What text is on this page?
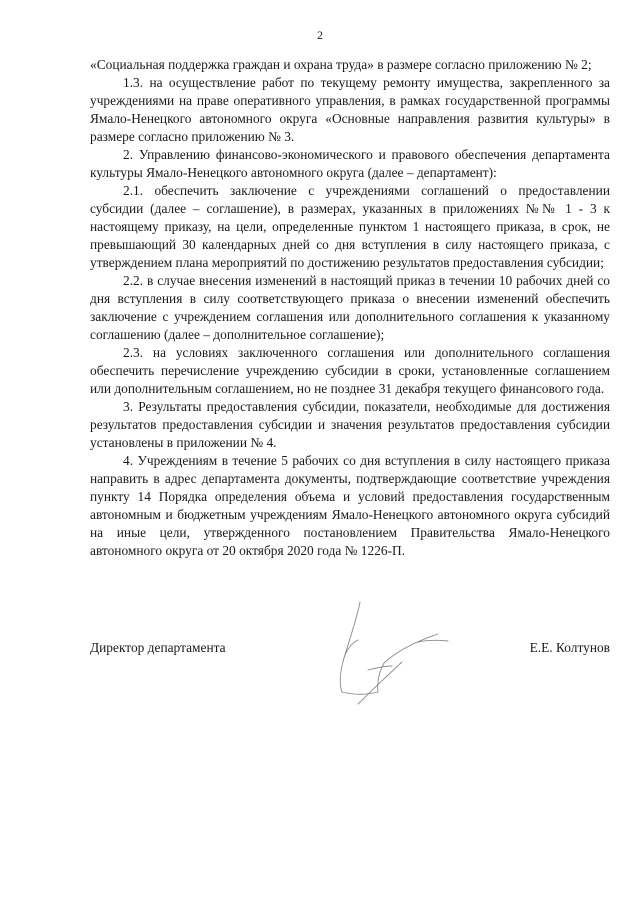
2

«Социальная поддержка граждан и охрана труда» в размере согласно приложению № 2;

1.3. на осуществление работ по текущему ремонту имущества, закрепленного за учреждениями на праве оперативного управления, в рамках государственной программы Ямало-Ненецкого автономного округа «Основные направления развития культуры» в размере согласно приложению № 3.

2. Управлению финансово-экономического и правового обеспечения департамента культуры Ямало-Ненецкого автономного округа (далее – департамент):

2.1. обеспечить заключение с учреждениями соглашений о предоставлении субсидии (далее – соглашение), в размерах, указанных в приложениях №№ 1 - 3 к настоящему приказу, на цели, определенные пунктом 1 настоящего приказа, в срок, не превышающий 30 календарных дней со дня вступления в силу настоящего приказа, с утверждением плана мероприятий по достижению результатов предоставления субсидии;

2.2. в случае внесения изменений в настоящий приказ в течении 10 рабочих дней со дня вступления в силу соответствующего приказа о внесении изменений обеспечить заключение с учреждением соглашения или дополнительного соглашения к указанному соглашению (далее – дополнительное соглашение);

2.3. на условиях заключенного соглашения или дополнительного соглашения обеспечить перечисление учреждению субсидии в сроки, установленные соглашением или дополнительным соглашением, но не позднее 31 декабря текущего финансового года.

3. Результаты предоставления субсидии, показатели, необходимые для достижения результатов предоставления субсидии и значения результатов предоставления субсидии установлены в приложении № 4.

4. Учреждениям в течение 5 рабочих со дня вступления в силу настоящего приказа направить в адрес департамента документы, подтверждающие соответствие учреждения пункту 14 Порядка определения объема и условий предоставления государственным автономным и бюджетным учреждениям Ямало-Ненецкого автономного округа субсидий на иные цели, утвержденного постановлением Правительства Ямало-Ненецкого автономного округа от 20 октября 2020 года № 1226-П.

Директор департамента	Е.Е. Колтунов
